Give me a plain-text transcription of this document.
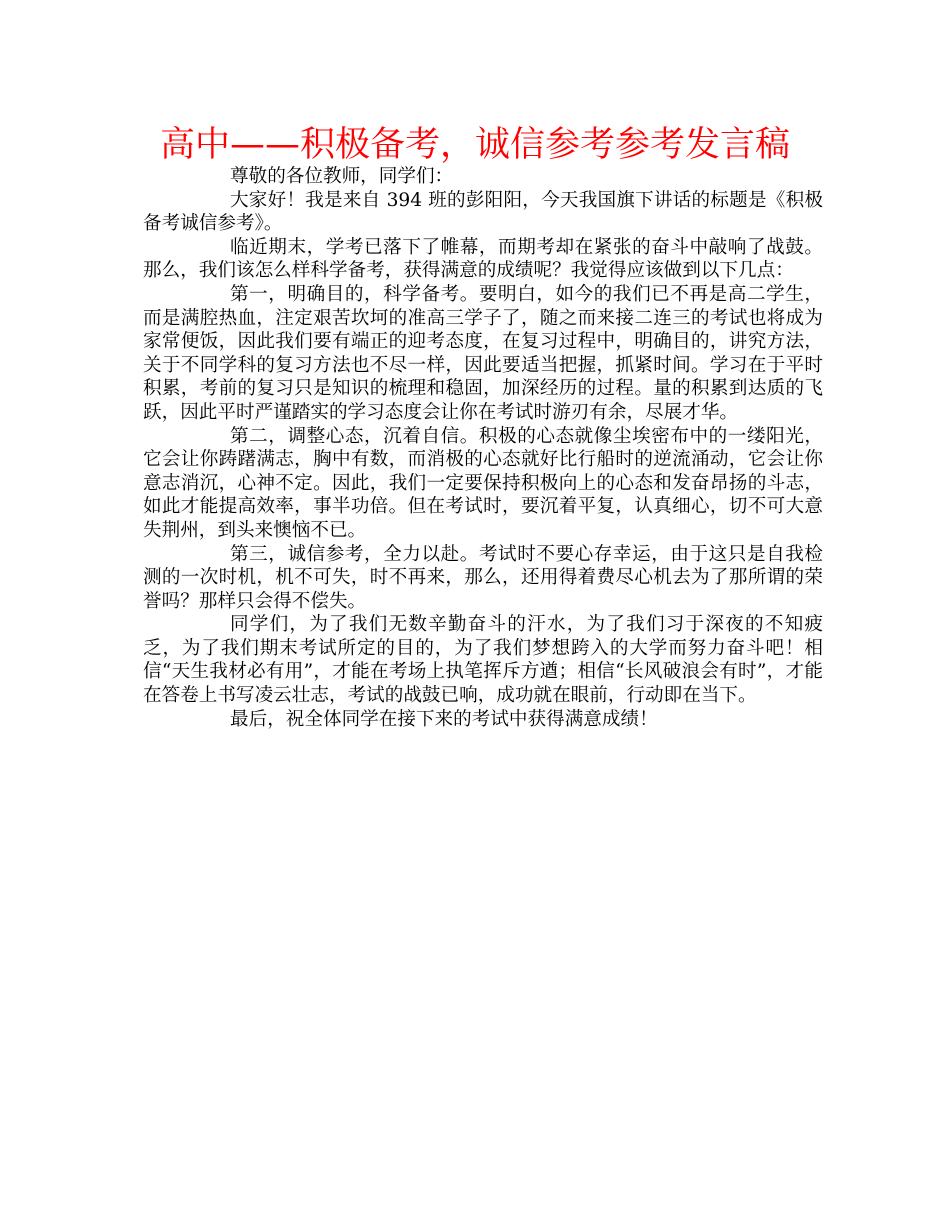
高中——积极备考，诚信参考参考发言稿

尊敬的各位教师，同学们：

大家好！我是来自 394 班的彭阳阳，今天我国旗下讲话的标题是《积极备考诚信参考》。

临近期末，学考已落下了帷幕，而期考却在紧张的奋斗中敲响了战鼓。那么，我们该怎么样科学备考，获得满意的成绩呢？我觉得应该做到以下几点：

第一，明确目的，科学备考。要明白，如今的我们已不再是高二学生，而是满腔热血，注定艰苦坎坷的准高三学子了，随之而来接二连三的考试也将成为家常便饭，因此我们要有端正的迎考态度，在复习过程中，明确目的，讲究方法，关于不同学科的复习方法也不尽一样，因此要适当把握，抓紧时间。学习在于平时积累，考前的复习只是知识的梳理和稳固，加深经历的过程。量的积累到达质的飞跃，因此平时严谨踏实的学习态度会让你在考试时游刃有余，尽展才华。

第二，调整心态，沉着自信。积极的心态就像尘埃密布中的一缕阳光，它会让你踌躇满志，胸中有数，而消极的心态就好比行船时的逆流涌动，它会让你意志消沉，心神不定。因此，我们一定要保持积极向上的心态和发奋昂扬的斗志，如此才能提高效率，事半功倍。但在考试时，要沉着平复，认真细心，切不可大意失荆州，到头来懊恼不已。

第三，诚信参考，全力以赴。考试时不要心存幸运，由于这只是自我检测的一次时机，机不可失，时不再来，那么，还用得着费尽心机去为了那所谓的荣誉吗？那样只会得不偿失。

同学们，为了我们无数辛勤奋斗的汗水，为了我们习于深夜的不知疲乏，为了我们期末考试所定的目的，为了我们梦想跨入的大学而努力奋斗吧！相信“天生我材必有用”，才能在考场上执笔挥斥方遒；相信“长风破浪会有时”，才能在答卷上书写凌云壮志，考试的战鼓已响，成功就在眼前，行动即在当下。

最后，祝全体同学在接下来的考试中获得满意成绩！
